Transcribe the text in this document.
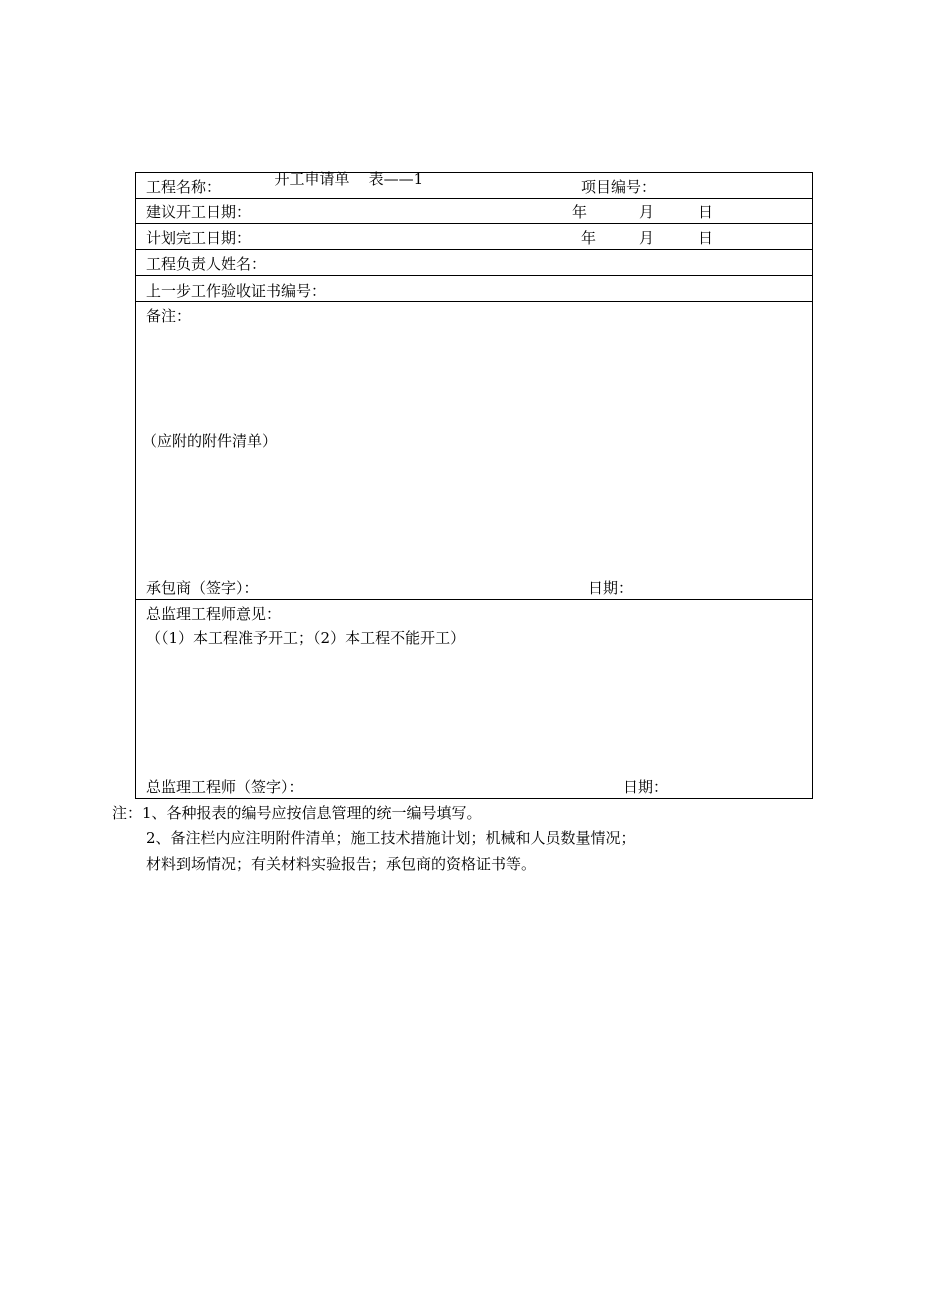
开工申请单 表——1

工程名称：	项目编号：
建议开工日期：	年	月	日
计划完工日期：	年	月	日
工程负责人姓名：
上一步工作验收证书编号：
备注：
（应附的附件清单）
承包商（签字）：	日期：
总监理工程师意见：
（（1）本工程准予开工；（2）本工程不能开工）
总监理工程师（签字）：	日期：
注：1、各种报表的编号应按信息管理的统一编号填写。
2、备注栏内应注明附件清单；施工技术措施计划；机械和人员数量情况；
材料到场情况；有关材料实验报告；承包商的资格证书等。
